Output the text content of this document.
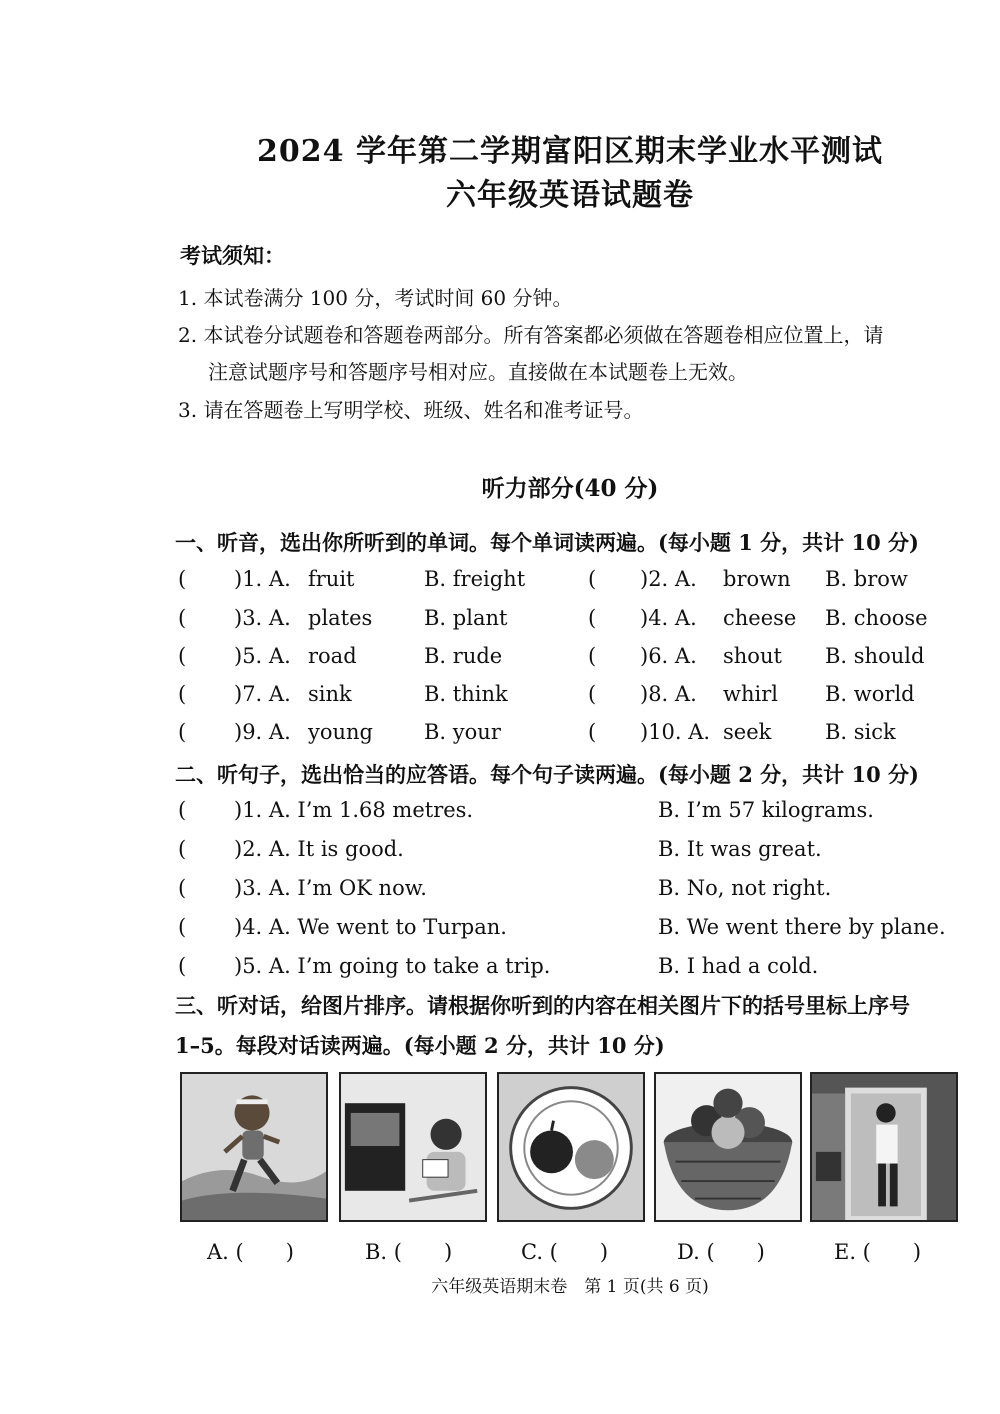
2024 学年第二学期富阳区期末学业水平测试
六年级英语试题卷
考试须知：
1. 本试卷满分 100 分，考试时间 60 分钟。
2. 本试卷分试题卷和答题卷两部分。所有答案都必须做在答题卷相应位置上，请
注意试题序号和答题序号相对应。直接做在本试题卷上无效。
3. 请在答题卷上写明学校、班级、姓名和准考证号。
听力部分(40 分)
一、听音，选出你所听到的单词。每个单词读两遍。(每小题 1 分，共计 10 分)
( )1. A. fruit	B. freight	( )2. A. brown B. brow
( )3. A. plates B. plant	( )4. A. cheese B. choose
( )5. A. road	B. rude	( )6. A. shout B. should
( )7. A. sink	B. think	( )8. A. whirl B. world
( )9. A. young B. your	( )10. A. seek	B. sick
二、听句子，选出恰当的应答语。每个句子读两遍。(每小题 2 分，共计 10 分)
( )1. A. I’m 1.68 metres.	B. I’m 57 kilograms.
( )2. A. It is good.	B. It was great.
( )3. A. I’m OK now.	B. No, not right.
( )4. A. We went to Turpan.	B. We went there by plane.
( )5. A. I’m going to take a trip.	B. I had a cold.
三、听对话，给图片排序。请根据你听到的内容在相关图片下的括号里标上序号
1–5。每段对话读两遍。(每小题 2 分，共计 10 分)
A. (　　)	B. (　　)	C. (　　)	D. (　　)	E. (　　)
六年级英语期末卷　第 1 页(共 6 页)
